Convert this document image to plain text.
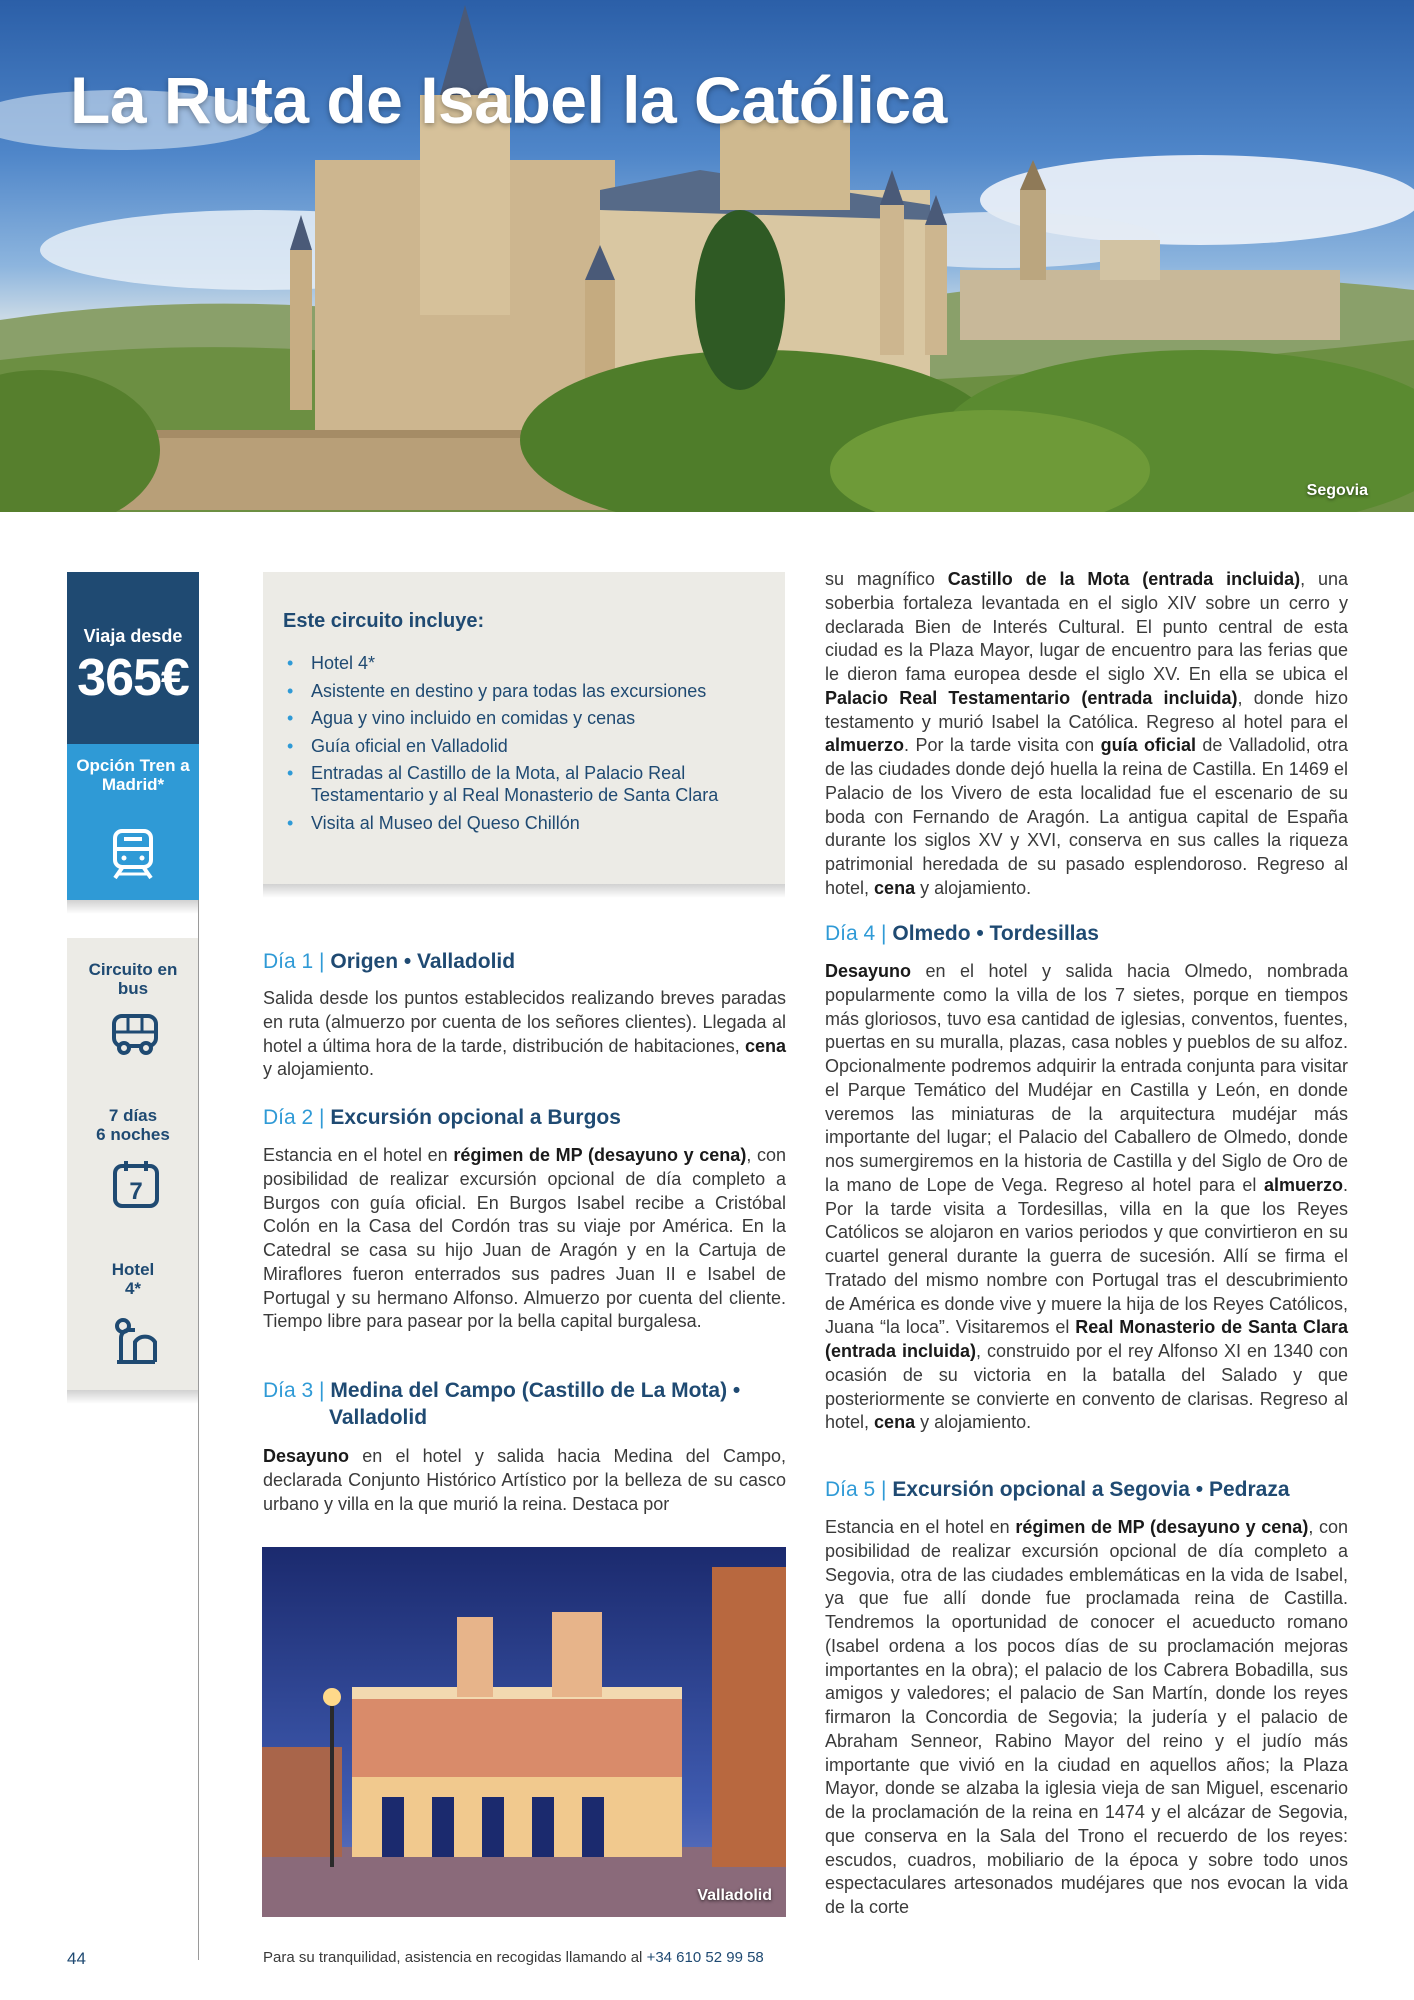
La Ruta de Isabel la Católica
Segovia
Viaja desde
365€
Opción Tren a Madrid*
Circuito en bus
7 días
6 noches
7
Hotel
4*
44
Este circuito incluye:
• Hotel 4*
• Asistente en destino y para todas las excursiones
• Agua y vino incluido en comidas y cenas
• Guía oficial en Valladolid
• Entradas al Castillo de la Mota, al Palacio Real Testamentario y al Real Monasterio de Santa Clara
• Visita al Museo del Queso Chillón
Día 1 | Origen • Valladolid
Salida desde los puntos establecidos realizando breves paradas en ruta (almuerzo por cuenta de los señores clientes). Llegada al hotel a última hora de la tarde, distribución de habitaciones, cena y alojamiento.
Día 2 | Excursión opcional a Burgos
Estancia en el hotel en régimen de MP (desayuno y cena), con posibilidad de realizar excursión opcional de día completo a Burgos con guía oficial. En Burgos Isabel recibe a Cristóbal Colón en la Casa del Cordón tras su viaje por América. En la Catedral se casa su hijo Juan de Aragón y en la Cartuja de Miraflores fueron enterrados sus padres Juan II e Isabel de Portugal y su hermano Alfonso. Almuerzo por cuenta del cliente. Tiempo libre para pasear por la bella capital burgalesa.
Día 3 | Medina del Campo (Castillo de La Mota) •
Valladolid
Desayuno en el hotel y salida hacia Medina del Campo, declarada Conjunto Histórico Artístico por la belleza de su casco urbano y villa en la que murió la reina. Destaca por
Valladolid
Para su tranquilidad, asistencia en recogidas llamando al +34 610 52 99 58
su magnífico Castillo de la Mota (entrada incluida), una soberbia fortaleza levantada en el siglo XIV sobre un cerro y declarada Bien de Interés Cultural. El punto central de esta ciudad es la Plaza Mayor, lugar de encuentro para las ferias que le dieron fama europea desde el siglo XV. En ella se ubica el Palacio Real Testamentario (entrada incluida), donde hizo testamento y murió Isabel la Católica. Regreso al hotel para el almuerzo. Por la tarde visita con guía oficial de Valladolid, otra de las ciudades donde dejó huella la reina de Castilla. En 1469 el Palacio de los Vivero de esta localidad fue el escenario de su boda con Fernando de Aragón. La antigua capital de España durante los siglos XV y XVI, conserva en sus calles la riqueza patrimonial heredada de su pasado esplendoroso. Regreso al hotel, cena y alojamiento.
Día 4 | Olmedo • Tordesillas
Desayuno en el hotel y salida hacia Olmedo, nombrada popularmente como la villa de los 7 sietes, porque en tiempos más gloriosos, tuvo esa cantidad de iglesias, conventos, fuentes, puertas en su muralla, plazas, casa nobles y pueblos de su alfoz. Opcionalmente podremos adquirir la entrada conjunta para visitar el Parque Temático del Mudéjar en Castilla y León, en donde veremos las miniaturas de la arquitectura mudéjar más importante del lugar; el Palacio del Caballero de Olmedo, donde nos sumergiremos en la historia de Castilla y del Siglo de Oro de la mano de Lope de Vega. Regreso al hotel para el almuerzo. Por la tarde visita a Tordesillas, villa en la que los Reyes Católicos se alojaron en varios periodos y que convirtieron en su cuartel general durante la guerra de sucesión. Allí se firma el Tratado del mismo nombre con Portugal tras el descubrimiento de América es donde vive y muere la hija de los Reyes Católicos, Juana “la loca”. Visitaremos el Real Monasterio de Santa Clara (entrada incluida), construido por el rey Alfonso XI en 1340 con ocasión de su victoria en la batalla del Salado y que posteriormente se convierte en convento de clarisas. Regreso al hotel, cena y alojamiento.
Día 5 | Excursión opcional a Segovia • Pedraza
Estancia en el hotel en régimen de MP (desayuno y cena), con posibilidad de realizar excursión opcional de día completo a Segovia, otra de las ciudades emblemáticas en la vida de Isabel, ya que fue allí donde fue proclamada reina de Castilla. Tendremos la oportunidad de conocer el acueducto romano (Isabel ordena a los pocos días de su proclamación mejoras importantes en la obra); el palacio de los Cabrera Bobadilla, sus amigos y valedores; el palacio de San Martín, donde los reyes firmaron la Concordia de Segovia; la judería y el palacio de Abraham Senneor, Rabino Mayor del reino y el judío más importante que vivió en la ciudad en aquellos años; la Plaza Mayor, donde se alzaba la iglesia vieja de san Miguel, escenario de la proclamación de la reina en 1474 y el alcázar de Segovia, que conserva en la Sala del Trono el recuerdo de los reyes: escudos, cuadros, mobiliario de la época y sobre todo unos espectaculares artesonados mudéjares que nos evocan la vida de la corte
